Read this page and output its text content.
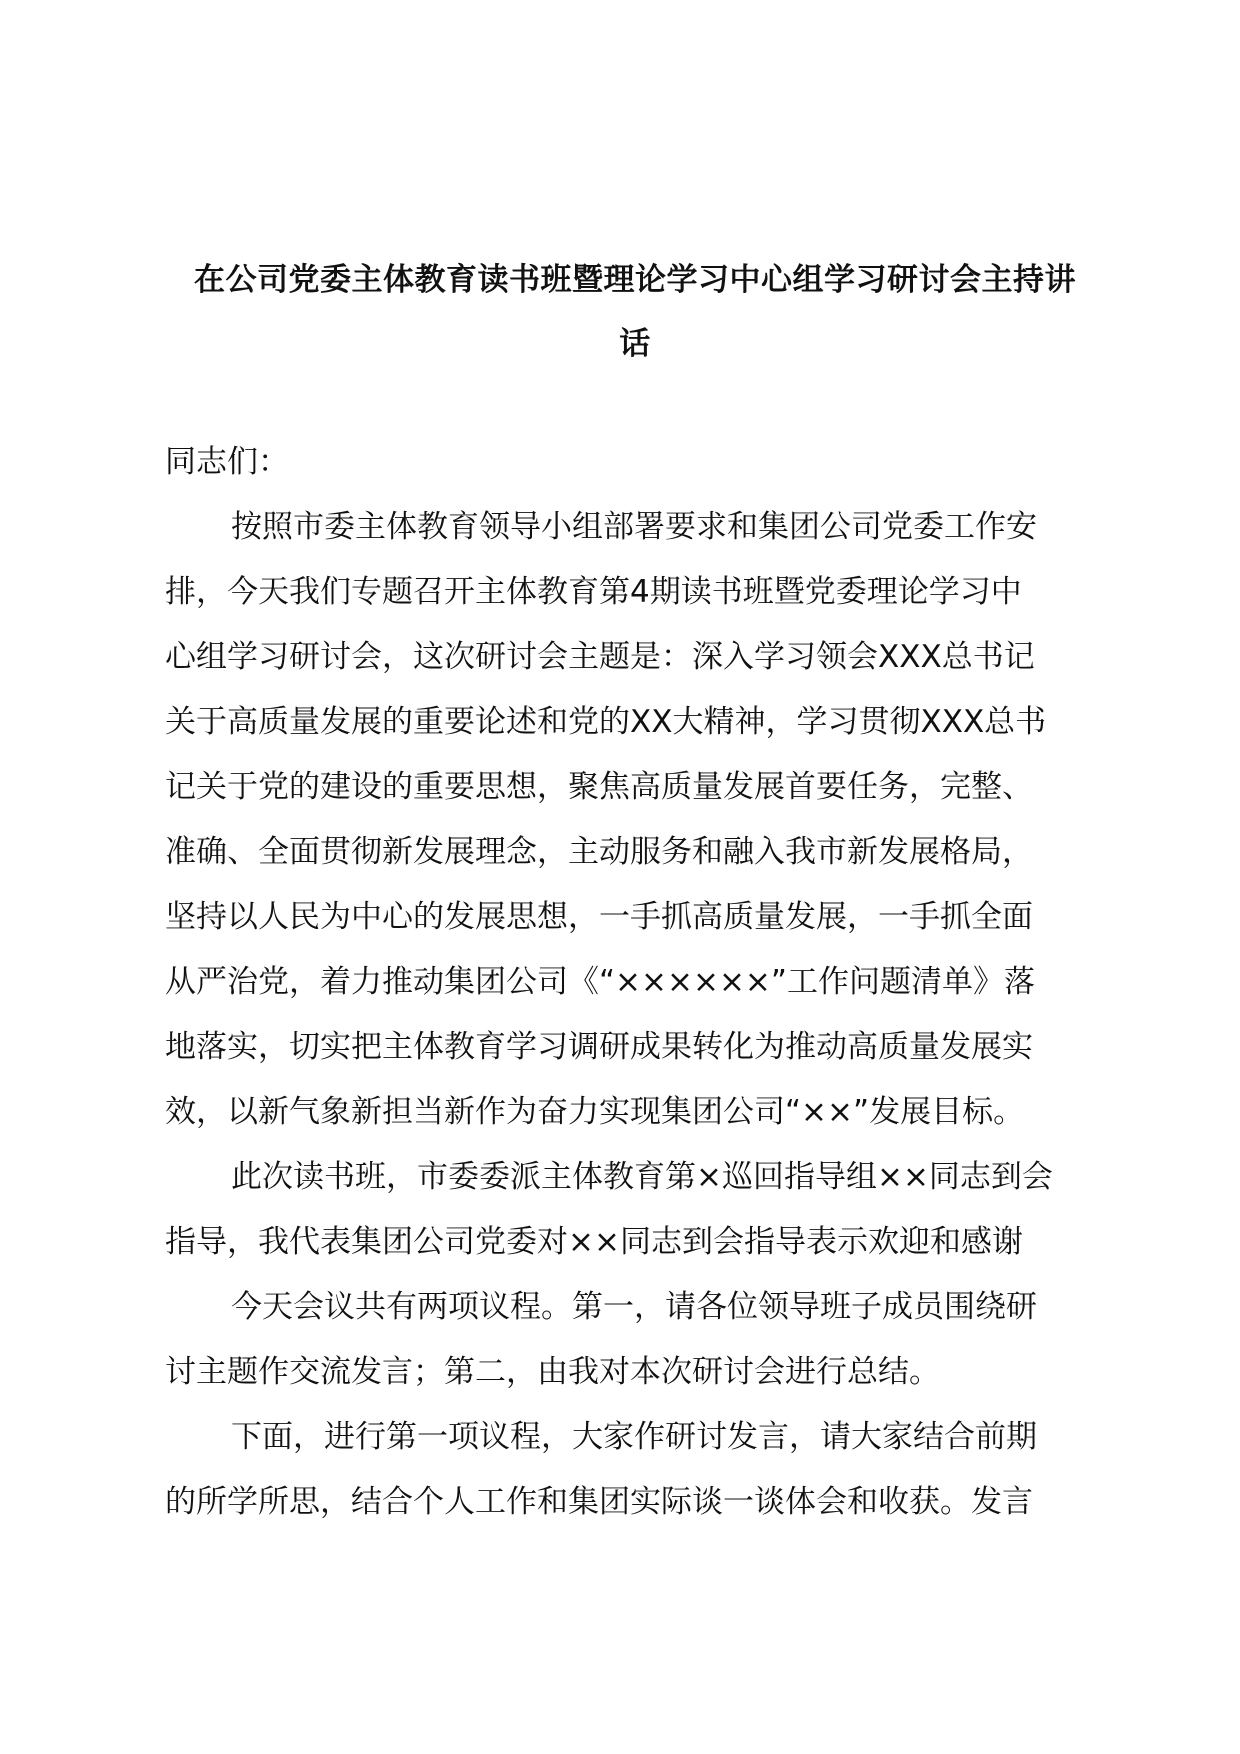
在公司党委主体教育读书班暨理论学习中心组学习研讨会主持讲
话
同志们：
按照市委主体教育领导小组部署要求和集团公司党委工作安
排，今天我们专题召开主体教育第4期读书班暨党委理论学习中
心组学习研讨会，这次研讨会主题是：深入学习领会XXX总书记
关于高质量发展的重要论述和党的XX大精神，学习贯彻XXX总书
记关于党的建设的重要思想，聚焦高质量发展首要任务，完整、
准确、全面贯彻新发展理念，主动服务和融入我市新发展格局，
坚持以人民为中心的发展思想，一手抓高质量发展，一手抓全面
从严治党，着力推动集团公司《“××××××”工作问题清单》落
地落实，切实把主体教育学习调研成果转化为推动高质量发展实
效，以新气象新担当新作为奋力实现集团公司“××”发展目标。
此次读书班，市委委派主体教育第×巡回指导组××同志到会
指导，我代表集团公司党委对××同志到会指导表示欢迎和感谢
今天会议共有两项议程。第一，请各位领导班子成员围绕研
讨主题作交流发言；第二，由我对本次研讨会进行总结。
下面，进行第一项议程，大家作研讨发言，请大家结合前期
的所学所思，结合个人工作和集团实际谈一谈体会和收获。发言
